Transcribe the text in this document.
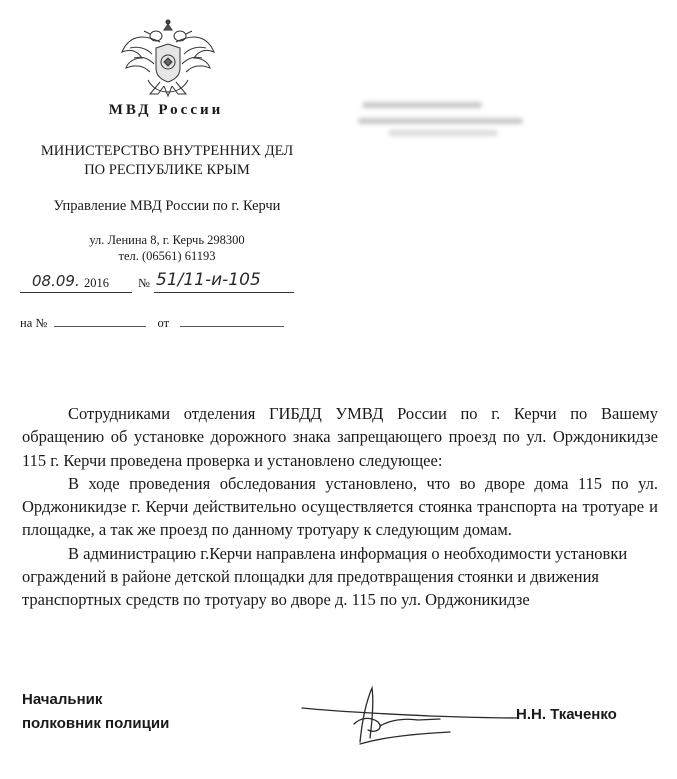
МВД России
МИНИСТЕРСТВО ВНУТРЕННИХ ДЕЛ
ПО РЕСПУБЛИКЕ КРЫМ
Управление МВД России по г. Керчи
ул. Ленина 8, г. Керчь 298300
тел. (06561) 61193
08.09. 2016 № 51/11-и-105
на №	от

Сотрудниками отделения ГИБДД УМВД России по г. Керчи по Вашему обращению об установке дорожного знака запрещающего проезд по ул. Орждоникидзе 115 г. Керчи проведена проверка и установлено следующее:

В ходе проведения обследования установлено, что во дворе дома 115 по ул. Орджоникидзе г. Керчи действительно осуществляется стоянка транспорта на тротуаре и площадке, а так же проезд по данному тротуару к следующим домам.

В администрацию г.Керчи направлена информация о необходимости установки ограждений в районе детской площадки для предотвращения стоянки и движения транспортных средств по тротуару во дворе д. 115 по ул. Орджоникидзе

Начальник
полковник полиции
Н.Н. Ткаченко
